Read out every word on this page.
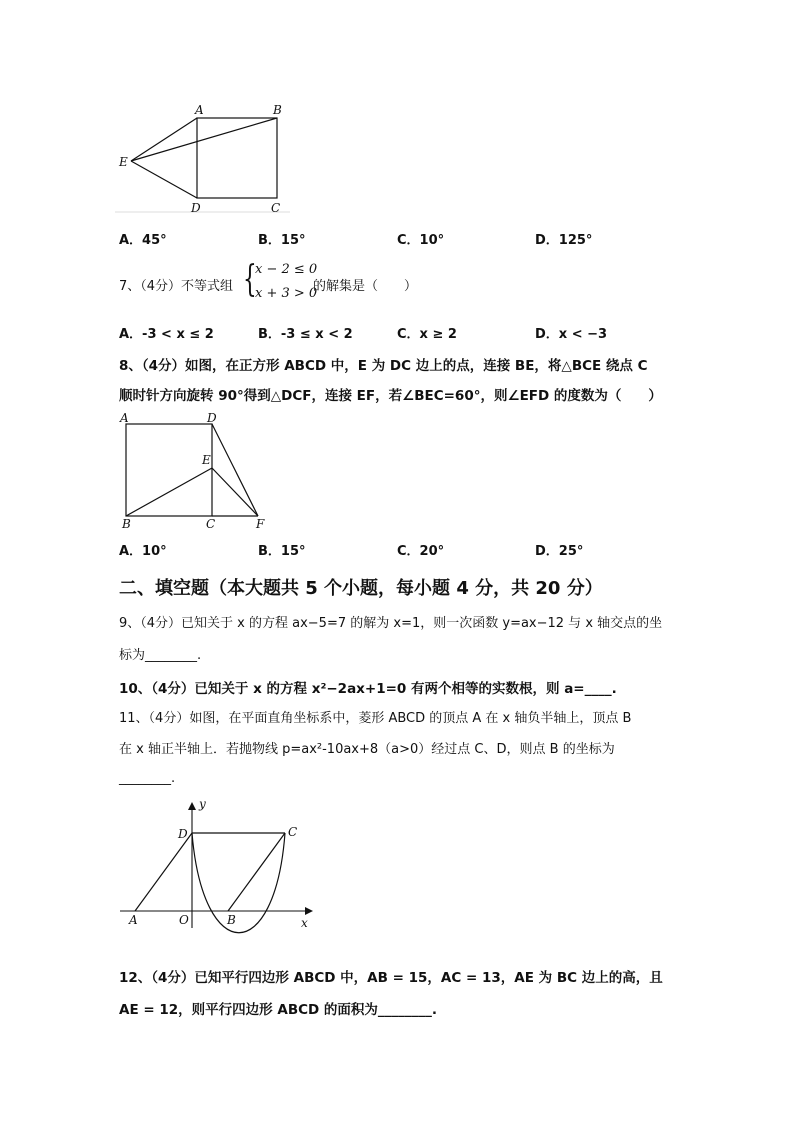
A	B
E
D	C
A．45°	B．15°	C．10°	D．125°
7、（4分）不等式组 {
x − 2 ≤ 0
x + 3 > 0
的解集是（　　）
A．-3 < x ≤ 2	B．-3 ≤ x < 2	C．x ≥ 2	D．x < −3
8、（4分）如图，在正方形 ABCD 中，E 为 DC 边上的点，连接 BE，将△BCE 绕点 C
顺时针方向旋转 90°得到△DCF，连接 EF，若∠BEC=60°，则∠EFD 的度数为（　　）
A	D
E
B	C	F
A．10°	B．15°	C．20°	D．25°
二、填空题（本大题共 5 个小题，每小题 4 分，共 20 分）
9、（4分）已知关于 x 的方程 ax−5=7 的解为 x=1，则一次函数 y=ax−12 与 x 轴交点的坐
标为________.
10、（4分）已知关于 x 的方程 x²−2ax+1=0 有两个相等的实数根，则 a=____.
11、（4分）如图，在平面直角坐标系中，菱形 ABCD 的顶点 A 在 x 轴负半轴上，顶点 B
在 x 轴正半轴上．若抛物线 p=ax²-10ax+8（a>0）经过点 C、D，则点 B 的坐标为
________.
y
D	C
A	O	B	x
12、（4分）已知平行四边形 ABCD 中，AB = 15，AC = 13，AE 为 BC 边上的高，且
AE = 12，则平行四边形 ABCD 的面积为________.
